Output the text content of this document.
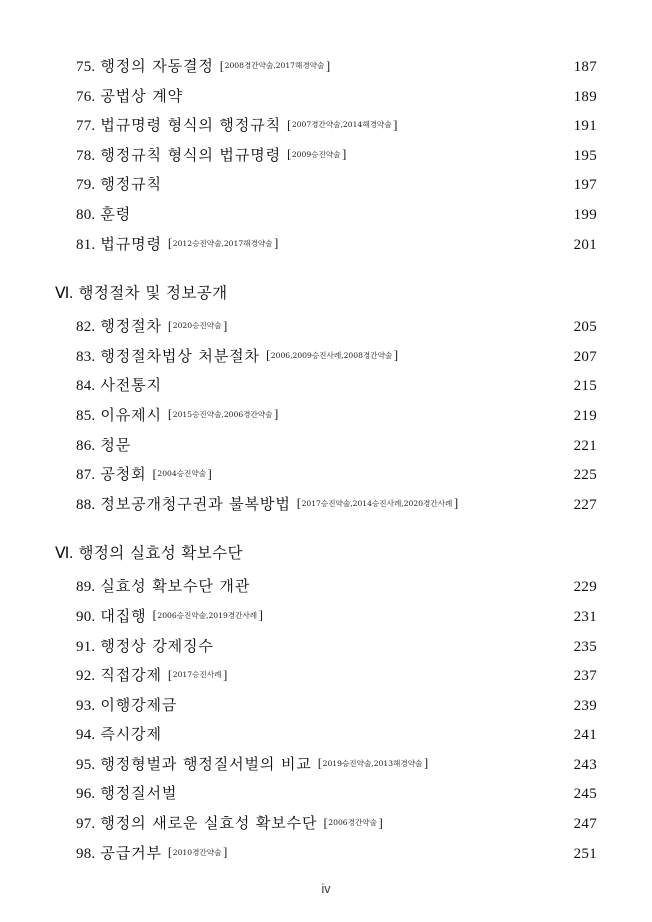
75. 행정의 자동결정 [2008경간약술,2017해경약술 ]	187
76. 공법상 계약	189
77. 법규명령 형식의 행정규칙 [2007경간약술,2014해경약술 ]	191
78. 행정규칙 형식의 법규명령 [2009승진약술 ]	195
79. 행정규칙	197
80. 훈령	199
81. 법규명령 [2012승진약술,2017해경약술 ]	201
Ⅵ. 행정절차 및 정보공개
82. 행정절차 [2020승진약술 ]	205
83. 행정절차법상 처분절차 [2006,2009승진사례,2008경간약술 ]	207
84. 사전통지	215
85. 이유제시 [2015승진약술,2006경간약술 ]	219
86. 청문	221
87. 공청회 [2004승진약술 ]	225
88. 정보공개청구권과 불복방법 [2017승진약술,2014승진사례,2020경간사례 ]	227
Ⅵ. 행정의 실효성 확보수단
89. 실효성 확보수단 개관	229
90. 대집행 [2006승진약술,2019경간사례 ]	231
91. 행정상 강제징수	235
92. 직접강제 [2017승진사례 ]	237
93. 이행강제금	239
94. 즉시강제	241
95. 행정형벌과 행정질서벌의 비교 [2019승진약술,2013해경약술 ]	243
96. 행정질서벌	245
97. 행정의 새로운 실효성 확보수단 [2006경간약술 ]	247
98. 공급거부 [2010경간약술 ]	251
iv
